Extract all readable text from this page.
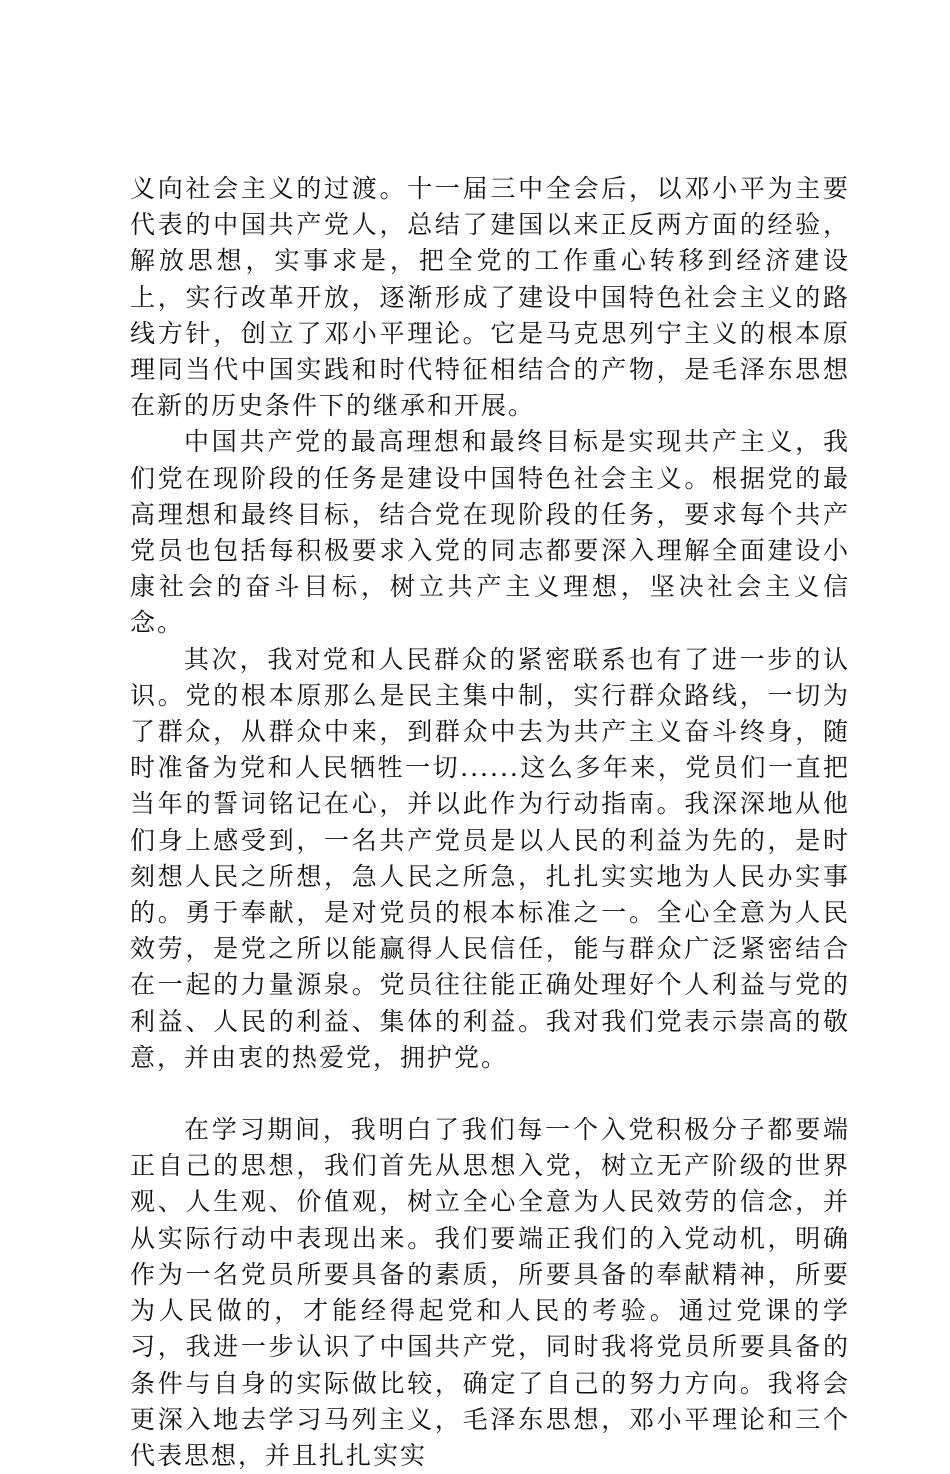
义向社会主义的过渡。十一届三中全会后，以邓小平为主要代表的中国共产党人，总结了建国以来正反两方面的经验，解放思想，实事求是，把全党的工作重心转移到经济建设上，实行改革开放，逐渐形成了建设中国特色社会主义的路线方针，创立了邓小平理论。它是马克思列宁主义的根本原理同当代中国实践和时代特征相结合的产物，是毛泽东思想在新的历史条件下的继承和开展。

中国共产党的最高理想和最终目标是实现共产主义，我们党在现阶段的任务是建设中国特色社会主义。根据党的最高理想和最终目标，结合党在现阶段的任务，要求每个共产党员也包括每积极要求入党的同志都要深入理解全面建设小康社会的奋斗目标，树立共产主义理想，坚决社会主义信念。

其次，我对党和人民群众的紧密联系也有了进一步的认识。党的根本原那么是民主集中制，实行群众路线，一切为了群众，从群众中来，到群众中去为共产主义奋斗终身，随时准备为党和人民牺牲一切......这么多年来，党员们一直把当年的誓词铭记在心，并以此作为行动指南。我深深地从他们身上感受到，一名共产党员是以人民的利益为先的，是时刻想人民之所想，急人民之所急，扎扎实实地为人民办实事的。勇于奉献，是对党员的根本标准之一。全心全意为人民效劳，是党之所以能赢得人民信任，能与群众广泛紧密结合在一起的力量源泉。党员往往能正确处理好个人利益与党的利益、人民的利益、集体的利益。我对我们党表示崇高的敬意，并由衷的热爱党，拥护党。

在学习期间，我明白了我们每一个入党积极分子都要端正自己的思想，我们首先从思想入党，树立无产阶级的世界观、人生观、价值观，树立全心全意为人民效劳的信念，并从实际行动中表现出来。我们要端正我们的入党动机，明确作为一名党员所要具备的素质，所要具备的奉献精神，所要为人民做的，才能经得起党和人民的考验。通过党课的学习，我进一步认识了中国共产党，同时我将党员所要具备的条件与自身的实际做比较，确定了自己的努力方向。我将会更深入地去学习马列主义，毛泽东思想，邓小平理论和三个代表思想，并且扎扎实实
